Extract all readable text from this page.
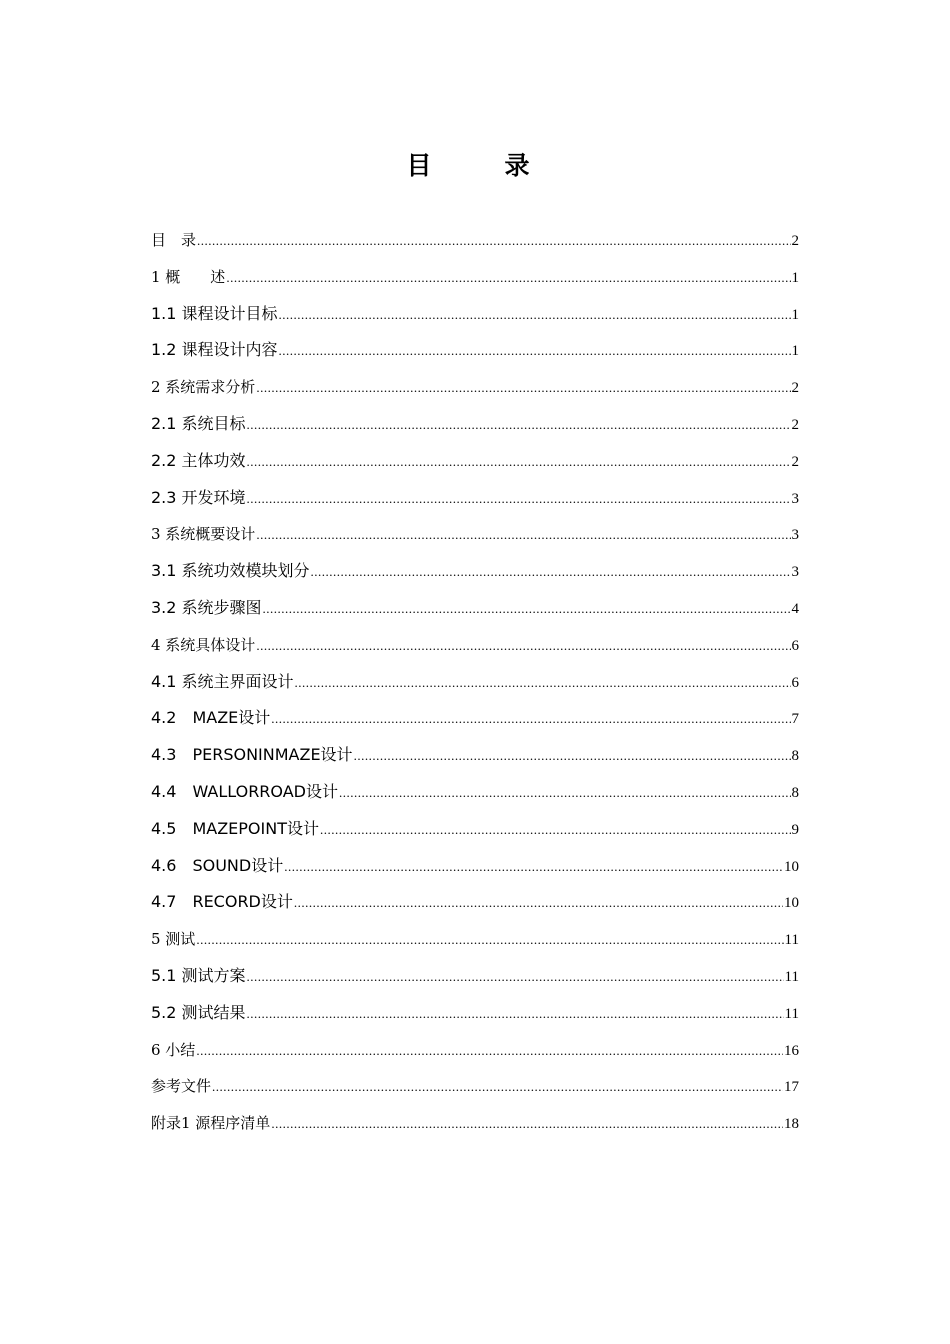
目　录
目　录 .....	2
1 概　　述 .....	1
1.1 课程设计目标 .....	1
1.2 课程设计内容 .....	1
2 系统需求分析 .....	2
2.1 系统目标 .....	2
2.2 主体功效 .....	2
2.3 开发环境 .....	3
3 系统概要设计 .....	3
3.1 系统功效模块划分 .....	3
3.2 系统步骤图 .....	4
4 系统具体设计 .....	6
4.1 系统主界面设计 .....	6
4.2　MAZE设计 .....	7
4.3　PERSONINMAZE设计 .....	8
4.4　WALLORROAD设计 .....	8
4.5　MAZEPOINT设计 .....	9
4.6　SOUND设计 .....	10
4.7　RECORD设计 .....	10
5 测试 .....	11
5.1 测试方案 .....	11
5.2 测试结果 .....	11
6 小结 .....	16
参考文件 .....	17
附录1 源程序清单 .....	18
